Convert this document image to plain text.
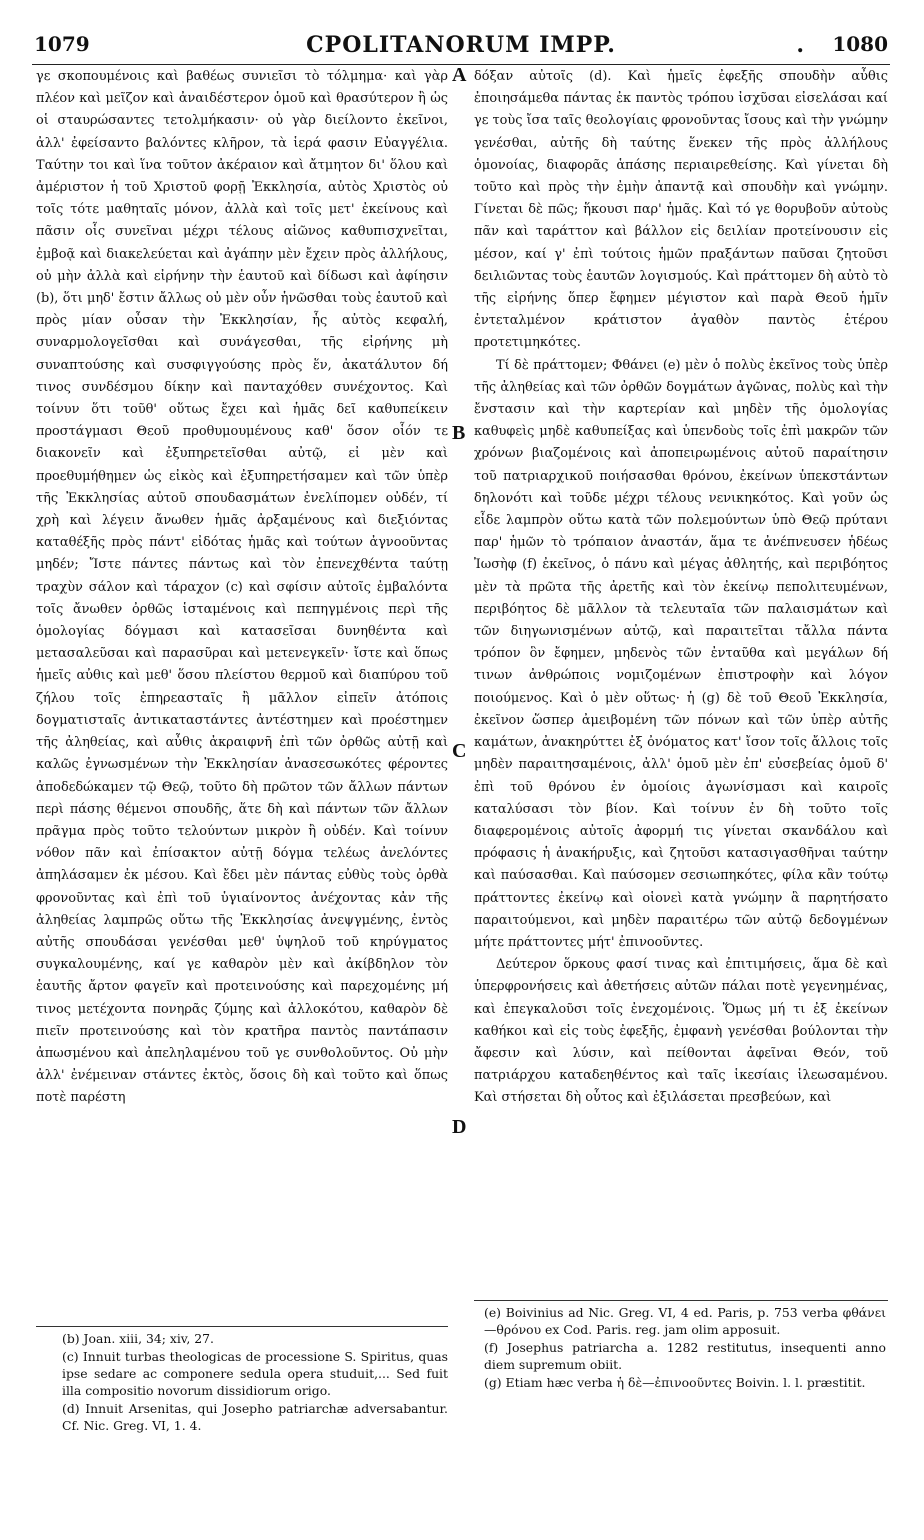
1079	CPOLITANORUM IMPP.	. 1080

γε σκοπουμένοις καὶ βαθέως συνιεῖσι τὸ τόλμημα· καὶ γὰρ πλέον καὶ μεῖζον καὶ ἀναιδέστερον ὁμοῦ καὶ θρασύτερον ἢ ὡς οἱ σταυρώσαντες τετολμήκασιν· οὐ γὰρ διείλοντο ἐκεῖνοι, ἀλλ' ἐφείσαντο βαλόντες κλῆρον, τὰ ἱερά φασιν Εὐαγγέλια. Ταύτην τοι καὶ ἵνα τοῦτον ἀκέραιον καὶ ἄτμητον δι' ὅλου καὶ ἀμέριστον ἡ τοῦ Χριστοῦ φορῇ Ἐκκλησία, αὐτὸς Χριστὸς οὐ τοῖς τότε μαθηταῖς μόνον, ἀλλὰ καὶ τοῖς μετ' ἐκείνους καὶ πᾶσιν οἷς συνεῖναι μέχρι τέλους αἰῶνος καθυπισχνεῖται, ἐμβοᾷ καὶ διακελεύεται καὶ ἀγάπην μὲν ἔχειν πρὸς ἀλλήλους, οὐ μὴν ἀλλὰ καὶ εἰρήνην τὴν ἑαυτοῦ καὶ δίδωσι καὶ ἀφίησιν (b), ὅτι μηδ' ἔστιν ἄλλως οὐ μὲν οὖν ἡνῶσθαι τοὺς ἑαυτοῦ καὶ πρὸς μίαν οὖσαν τὴν Ἐκκλησίαν, ἧς αὐτὸς κεφαλή, συναρμολογεῖσθαι καὶ συνάγεσθαι, τῆς εἰρήνης μὴ συναπτούσης καὶ συσφιγγούσης πρὸς ἕν, ἀκατάλυτον δή τινος συνδέσμου δίκην καὶ πανταχόθεν συνέχοντος. Καὶ τοίνυν ὅτι τοῦθ' οὕτως ἔχει καὶ ἡμᾶς δεῖ καθυπείκειν προστάγμασι Θεοῦ προθυμουμένους καθ' ὅσον οἷόν τε διακονεῖν καὶ ἐξυπηρετεῖσθαι αὐτῷ, εἰ μὲν καὶ προεθυμήθημεν ὡς εἰκὸς καὶ ἐξυπηρετήσαμεν καὶ τῶν ὑπὲρ τῆς Ἐκκλησίας αὐτοῦ σπουδασμάτων ἐνελίπομεν οὐδέν, τί χρὴ καὶ λέγειν ἄνωθεν ἡμᾶς ἀρξαμένους καὶ διεξιόντας καταθέξῆς πρὸς πάντ' εἰδότας ἡμᾶς καὶ τούτων ἀγνοοῦντας μηδέν; Ἴστε πάντες πάντως καὶ τὸν ἐπενεχθέντα ταύτῃ τραχὺν σάλον καὶ τάραχον (c) καὶ σφίσιν αὐτοῖς ἐμβαλόντα τοῖς ἄνωθεν ὀρθῶς ἱσταμένοις καὶ πεπηγμένοις περὶ τῆς ὁμολογίας δόγμασι καὶ κατασεῖσαι δυνηθέντα καὶ μετασαλεῦσαι καὶ παρασῦραι καὶ μετενεγκεῖν· ἴστε καὶ ὅπως ἡμεῖς αὐθις καὶ μεθ' ὅσου πλείστου θερμοῦ καὶ διαπύρου τοῦ ζήλου τοῖς ἐπηρεασταῖς ἢ μᾶλλον εἰπεῖν ἀτόποις δογματισταῖς ἀντικαταστάντες ἀντέστημεν καὶ προέστημεν τῆς ἀληθείας, καὶ αὖθις ἀκραιφνῆ ἐπὶ τῶν ὀρθῶς αὐτῇ καὶ καλῶς ἐγνωσμένων τὴν Ἐκκλησίαν ἀνασεσωκότες φέροντες ἀποδεδώκαμεν τῷ Θεῷ, τοῦτο δὴ πρῶτον τῶν ἄλλων πάντων περὶ πάσης θέμενοι σπουδῆς, ἅτε δὴ καὶ πάντων τῶν ἄλλων πρᾶγμα πρὸς τοῦτο τελούντων μικρὸν ἢ οὐδέν. Καὶ τοίνυν νόθον πᾶν καὶ ἐπίσακτον αὐτῇ δόγμα τελέως ἀνελόντες ἀπηλάσαμεν ἐκ μέσου. Καὶ ἔδει μὲν πάντας εὐθὺς τοὺς ὀρθὰ φρονοῦντας καὶ ἐπὶ τοῦ ὑγιαίνοντος ἀνέχοντας κἀν τῆς ἀληθείας λαμπρῶς οὕτω τῆς Ἐκκλησίας ἀνεψγμένης, ἐντὸς αὐτῆς σπουδάσαι γενέσθαι μεθ' ὑψηλοῦ τοῦ κηρύγματος συγκαλουμένης, καί γε καθαρὸν μὲν καὶ ἀκίβδηλον τὸν ἑαυτῆς ἄρτον φαγεῖν καὶ προτεινούσης καὶ παρεχομένης μή τινος μετέχοντα πονηρᾶς ζύμης καὶ ἀλλοκότου, καθαρὸν δὲ πιεῖν προτεινούσης καὶ τὸν κρατῆρα παντὸς παντάπασιν ἀπωσμένου καὶ ἀπεληλαμένου τοῦ γε συνθολοῦντος. Οὐ μὴν ἀλλ' ἐνέμειναν στάντες ἐκτὸς, ὅσοις δὴ καὶ τοῦτο καὶ ὅπως ποτὲ παρέστη

A
B
C
D

δόξαν αὐτοῖς (d). Καὶ ἡμεῖς ἐφεξῆς σπουδὴν αὖθις ἐποιησάμεθα πάντας ἐκ παντὸς τρόπου ἰσχῦσαι εἰσελάσαι καί γε τοὺς ἴσα ταῖς θεολογίαις φρονοῦντας ἴσους καὶ τὴν γνώμην γενέσθαι, αὐτῆς δὴ ταύτης ἕνεκεν τῆς πρὸς ἀλλήλους ὁμονοίας, διαφορᾶς ἁπάσης περιαιρεθείσης. Καὶ γίνεται δὴ τοῦτο καὶ πρὸς τὴν ἐμὴν ἀπαντᾷ καὶ σπουδὴν καὶ γνώμην. Γίνεται δὲ πῶς; ἥκουσι παρ' ἡμᾶς. Καὶ τό γε θορυβοῦν αὐτοὺς πᾶν καὶ ταράττον καὶ βάλλον εἰς δειλίαν προτείνουσιν εἰς μέσον, καί γ' ἐπὶ τούτοις ἡμῶν πραξάντων παῦσαι ζητοῦσι δειλιῶντας τοὺς ἑαυτῶν λογισμούς. Καὶ πράττομεν δὴ αὐτὸ τὸ τῆς εἰρήνης ὅπερ ἔφημεν μέγιστον καὶ παρὰ Θεοῦ ἡμῖν ἐντεταλμένον κράτιστον ἀγαθὸν παντὸς ἑτέρου προτετιμηκότες.

Τί δὲ πράττομεν; Φθάνει (e) μὲν ὁ πολὺς ἐκεῖνος τοὺς ὑπὲρ τῆς ἀληθείας καὶ τῶν ὀρθῶν δογμάτων ἀγῶνας, πολὺς καὶ τὴν ἔνστασιν καὶ τὴν καρτερίαν καὶ μηδὲν τῆς ὁμολογίας καθυφεὶς μηδὲ καθυπείξας καὶ ὑπενδοὺς τοῖς ἐπὶ μακρῶν τῶν χρόνων βιαζομένοις καὶ ἀποπειρωμένοις αὐτοῦ παραίτησιν τοῦ πατριαρχικοῦ ποιήσασθαι θρόνου, ἐκείνων ὑπεκστάντων δηλονότι καὶ τοῦδε μέχρι τέλους νενικηκότος. Καὶ γοῦν ὡς εἶδε λαμπρὸν οὕτω κατὰ τῶν πολεμούντων ὑπὸ Θεῷ πρύτανι παρ' ἡμῶν τὸ τρόπαιον ἀναστάν, ἅμα τε ἀνέπνευσεν ἡδέως Ἰωσὴφ (f) ἐκεῖνος, ὁ πάνυ καὶ μέγας ἀθλητής, καὶ περιβόητος μὲν τὰ πρῶτα τῆς ἀρετῆς καὶ τὸν ἐκείνῳ πεπολιτευμένων, περιβόητος δὲ μᾶλλον τὰ τελευταῖα τῶν παλαισμάτων καὶ τῶν διηγωνισμένων αὐτῷ, καὶ παραιτεῖται τἄλλα πάντα τρόπον ὃν ἔφημεν, μηδενὸς τῶν ἐνταῦθα καὶ μεγάλων δή τινων ἀνθρώποις νομιζομένων ἐπιστροφὴν καὶ λόγον ποιούμενος. Καὶ ὁ μὲν οὕτως· ἡ (g) δὲ τοῦ Θεοῦ Ἐκκλησία, ἐκεῖνον ὥσπερ ἀμειβομένη τῶν πόνων καὶ τῶν ὑπὲρ αὐτῆς καμάτων, ἀνακηρύττει ἐξ ὀνόματος κατ' ἴσον τοῖς ἄλλοις τοῖς μηδὲν παραιτησαμένοις, ἀλλ' ὁμοῦ μὲν ἐπ' εὐσεβείας ὁμοῦ δ' ἐπὶ τοῦ θρόνου ἐν ὁμοίοις ἀγωνίσμασι καὶ καιροῖς καταλύσασι τὸν βίον. Καὶ τοίνυν ἐν δὴ τοῦτο τοῖς διαφερομένοις αὐτοῖς ἀφορμή τις γίνεται σκανδάλου καὶ πρόφασις ἡ ἀνακήρυξις, καὶ ζητοῦσι κατασιγασθῆναι ταύτην καὶ παύσασθαι. Καὶ παύσομεν σεσιωπηκότες, φίλα κἂν τούτῳ πράττοντες ἐκείνῳ καὶ οἱονεὶ κατὰ γνώμην ἃ παρητήσατο παραιτούμενοι, καὶ μηδὲν παραιτέρω τῶν αὐτῷ δεδογμένων μήτε πράττοντες μήτ' ἐπινοοῦντες.

Δεύτερον ὅρκους φασί τινας καὶ ἐπιτιμήσεις, ἅμα δὲ καὶ ὑπερφρονήσεις καὶ ἀθετήσεις αὐτῶν πάλαι ποτὲ γεγενημένας, καὶ ἐπεγκαλοῦσι τοῖς ἐνεχομένοις. Ὅμως μή τι ἐξ ἐκείνων καθήκοι καὶ εἰς τοὺς ἐφεξῆς, ἐμφανὴ γενέσθαι βούλονται τὴν ἄφεσιν καὶ λύσιν, καὶ πείθονται ἀφεῖναι Θεόν, τοῦ πατριάρχου καταδεηθέντος καὶ ταῖς ἱκεσίαις ἱλεωσαμένου. Καὶ στήσεται δὴ οὗτος καὶ ἐξιλάσεται πρεσβεύων, καὶ

(b) Joan. xiii, 34; xiv, 27.

(c) Innuit turbas theologicas de processione S. Spiritus, quas ipse sedare ac componere sedula opera studuit,... Sed fuit illa compositio novorum dissidiorum origo.

(d) Innuit Arsenitas, qui Josepho patriarchæ adversabantur. Cf. Nic. Greg. VI, 1. 4.

(e) Boivinius ad Nic. Greg. VI, 4 ed. Paris, p. 753 verba φθάνει—θρόνου ex Cod. Paris. reg. jam olim apposuit.

(f) Josephus patriarcha a. 1282 restitutus, insequenti anno diem supremum obiit.

(g) Etiam hæc verba ἡ δὲ—ἐπινοοῦντες Boivin. l. l. præstitit.
